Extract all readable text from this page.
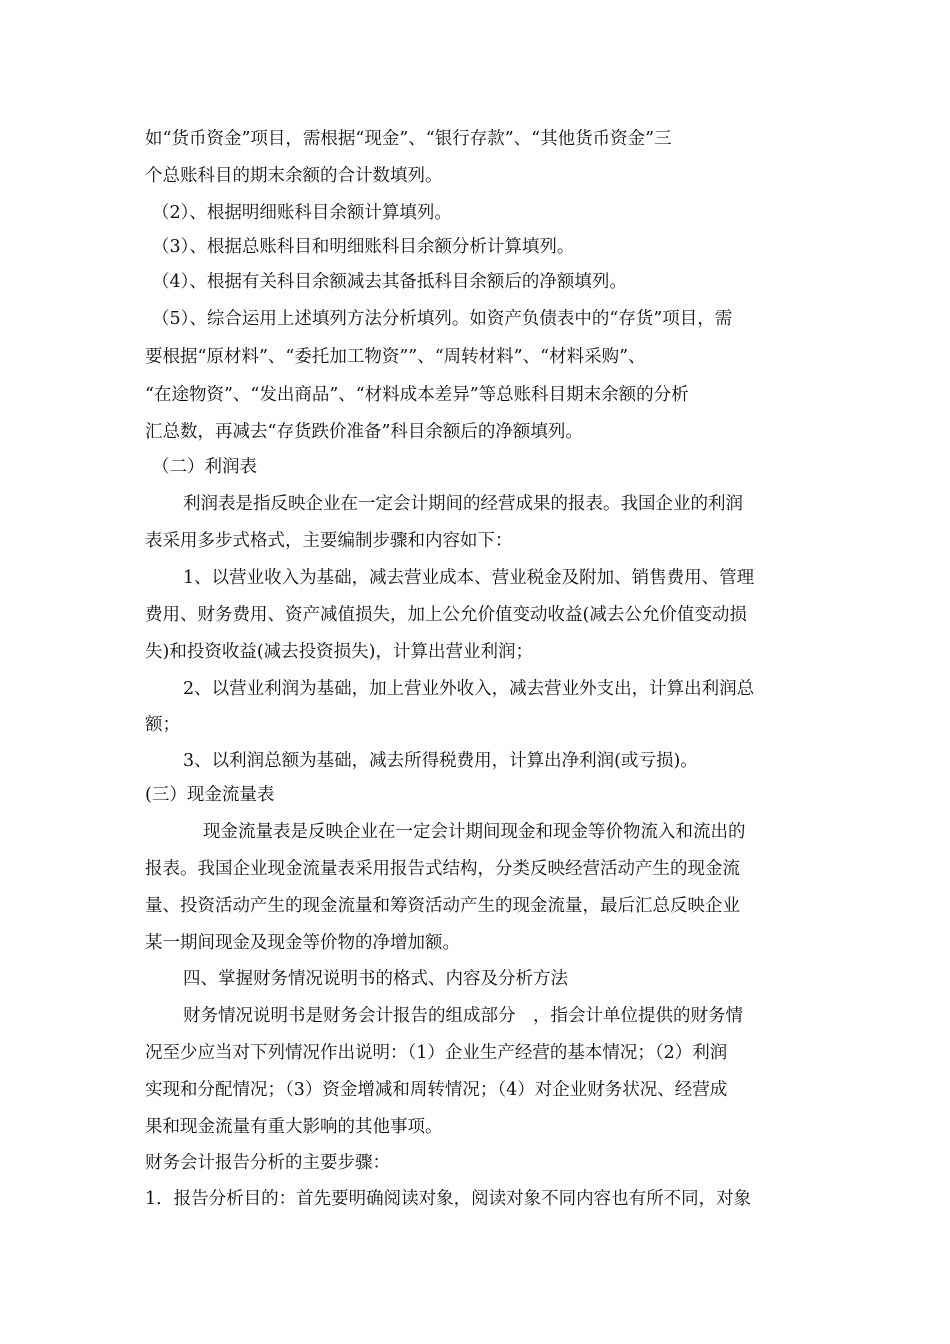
如“货币资金”项目，需根据“现金”、“银行存款”、“其他货币资金”三
个总账科目的期末余额的合计数填列。
（2）、根据明细账科目余额计算填列。
（3）、根据总账科目和明细账科目余额分析计算填列。
（4）、根据有关科目余额减去其备抵科目余额后的净额填列。
（5）、综合运用上述填列方法分析填列。如资产负债表中的“存货”项目，需
要根据“原材料”、“委托加工物资””、“周转材料”、“材料采购”、
“在途物资”、“发出商品”、“材料成本差异”等总账科目期末余额的分析
汇总数，再减去“存货跌价准备”科目余额后的净额填列。
（二）利润表
利润表是指反映企业在一定会计期间的经营成果的报表。我国企业的利润
表采用多步式格式，主要编制步骤和内容如下：
1、以营业收入为基础，减去营业成本、营业税金及附加、销售费用、管理
费用、财务费用、资产减值损失，加上公允价值变动收益(减去公允价值变动损
失)和投资收益(减去投资损失)，计算出营业利润；
2、以营业利润为基础，加上营业外收入，减去营业外支出，计算出利润总
额；
3、以利润总额为基础，减去所得税费用，计算出净利润(或亏损)。
(三）现金流量表
现金流量表是反映企业在一定会计期间现金和现金等价物流入和流出的
报表。我国企业现金流量表采用报告式结构，分类反映经营活动产生的现金流
量、投资活动产生的现金流量和筹资活动产生的现金流量，最后汇总反映企业
某一期间现金及现金等价物的净增加额。
四、掌握财务情况说明书的格式、内容及分析方法
财务情况说明书是财务会计报告的组成部分　，指会计单位提供的财务情
况至少应当对下列情况作出说明：（1）企业生产经营的基本情况；（2）利润
实现和分配情况；（3）资金增减和周转情况；（4）对企业财务状况、经营成
果和现金流量有重大影响的其他事项。
财务会计报告分析的主要步骤：
1．报告分析目的：首先要明确阅读对象，阅读对象不同内容也有所不同，对象
